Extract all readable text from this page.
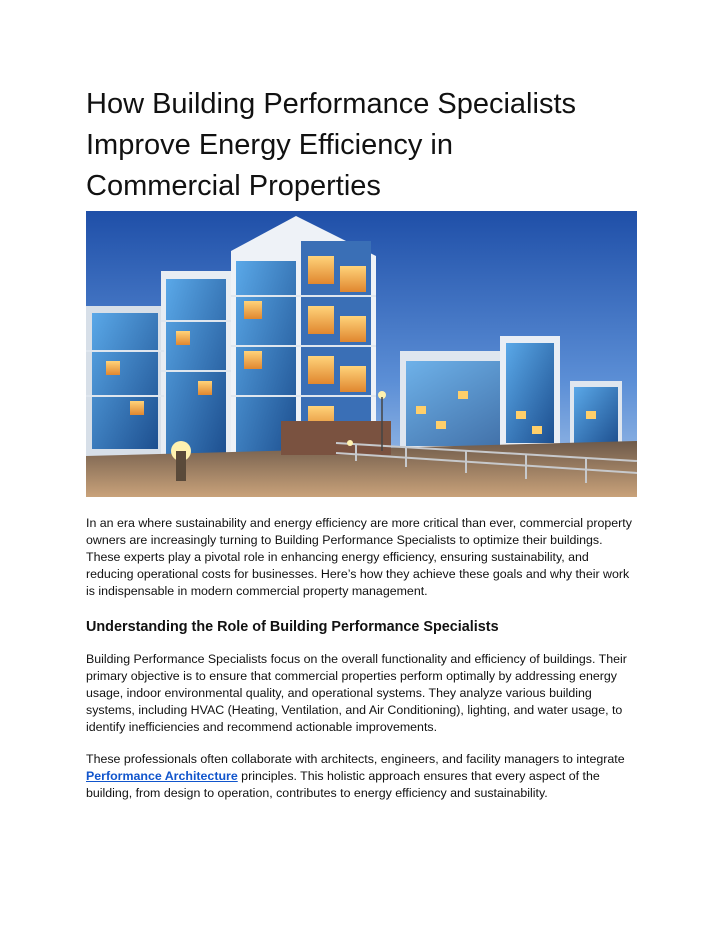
How Building Performance Specialists
Improve Energy Efficiency in
Commercial Properties

In an era where sustainability and energy efficiency are more critical than ever, commercial property owners are increasingly turning to Building Performance Specialists to optimize their buildings. These experts play a pivotal role in enhancing energy efficiency, ensuring sustainability, and reducing operational costs for businesses. Here’s how they achieve these goals and why their work is indispensable in modern commercial property management.

Understanding the Role of Building Performance Specialists

Building Performance Specialists focus on the overall functionality and efficiency of buildings. Their primary objective is to ensure that commercial properties perform optimally by addressing energy usage, indoor environmental quality, and operational systems. They analyze various building systems, including HVAC (Heating, Ventilation, and Air Conditioning), lighting, and water usage, to identify inefficiencies and recommend actionable improvements.

These professionals often collaborate with architects, engineers, and facility managers to integrate Performance Architecture principles. This holistic approach ensures that every aspect of the building, from design to operation, contributes to energy efficiency and sustainability.
